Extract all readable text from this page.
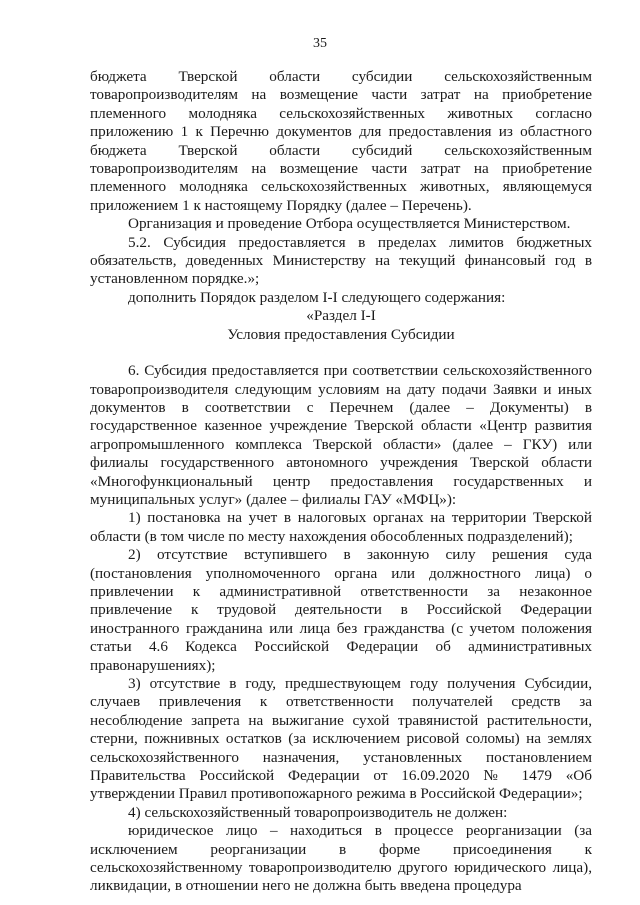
35

бюджета Тверской области субсидии сельскохозяйственным товаропроизводителям на возмещение части затрат на приобретение племенного молодняка сельскохозяйственных животных согласно приложению 1 к Перечню документов для предоставления из областного бюджета Тверской области субсидий сельскохозяйственным товаропроизводителям на возмещение части затрат на приобретение племенного молодняка сельскохозяйственных животных, являющемуся приложением 1 к настоящему Порядку (далее – Перечень).

Организация и проведение Отбора осуществляется Министерством.

5.2. Субсидия предоставляется в пределах лимитов бюджетных обязательств, доведенных Министерству на текущий финансовый год в установленном порядке.»;

дополнить Порядок разделом I-I следующего содержания:

«Раздел I-I

Условия предоставления Субсидии

6. Субсидия предоставляется при соответствии сельскохозяйственного товаропроизводителя следующим условиям на дату подачи Заявки и иных документов в соответствии с Перечнем (далее – Документы) в государственное казенное учреждение Тверской области «Центр развития агропромышленного комплекса Тверской области» (далее – ГКУ) или филиалы государственного автономного учреждения Тверской области «Многофункциональный центр предоставления государственных и муниципальных услуг» (далее – филиалы ГАУ «МФЦ»):

1) постановка на учет в налоговых органах на территории Тверской области (в том числе по месту нахождения обособленных подразделений);

2) отсутствие вступившего в законную силу решения суда (постановления уполномоченного органа или должностного лица) о привлечении к административной ответственности за незаконное привлечение к трудовой деятельности в Российской Федерации иностранного гражданина или лица без гражданства (с учетом положения статьи 4.6 Кодекса Российской Федерации об административных правонарушениях);

3) отсутствие в году, предшествующем году получения Субсидии, случаев привлечения к ответственности получателей средств за несоблюдение запрета на выжигание сухой травянистой растительности, стерни, пожнивных остатков (за исключением рисовой соломы) на землях сельскохозяйственного назначения, установленных постановлением Правительства Российской Федерации от 16.09.2020 № 1479 «Об утверждении Правил противопожарного режима в Российской Федерации»;

4) сельскохозяйственный товаропроизводитель не должен:

юридическое лицо – находиться в процессе реорганизации (за исключением реорганизации в форме присоединения к сельскохозяйственному товаропроизводителю другого юридического лица), ликвидации, в отношении него не должна быть введена процедура
